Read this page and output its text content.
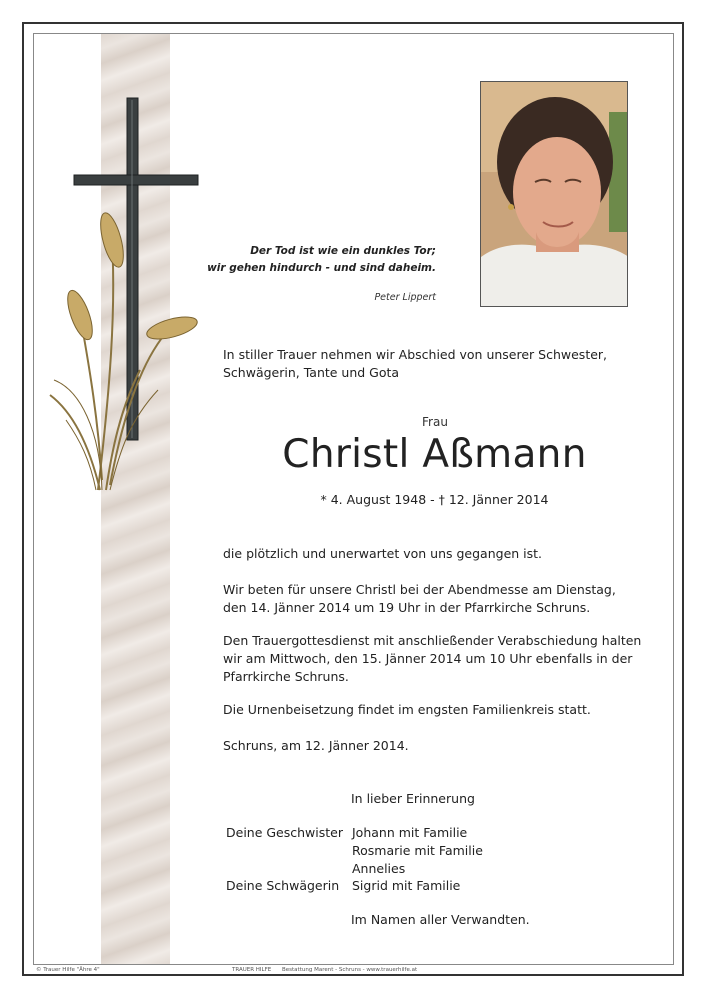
Der Tod ist wie ein dunkles Tor;
wir gehen hindurch - und sind daheim.
Peter Lippert
In stiller Trauer nehmen wir Abschied von unserer Schwester,
Schwägerin, Tante und Gota
Frau
Christl Aßmann
* 4. August 1948 - † 12. Jänner 2014
die plötzlich und unerwartet von uns gegangen ist.
Wir beten für unsere Christl bei der Abendmesse am Dienstag,
den 14. Jänner 2014 um 19 Uhr in der Pfarrkirche Schruns.
Den Trauergottesdienst mit anschließender Verabschiedung halten
wir am Mittwoch, den 15. Jänner 2014 um 10 Uhr ebenfalls in der
Pfarrkirche Schruns.
Die Urnenbeisetzung findet im engsten Familienkreis statt.
Schruns, am 12. Jänner 2014.
In lieber Erinnerung
Deine Geschwister Johann mit Familie
Rosmarie mit Familie
Annelies
Deine Schwägerin Sigrid mit Familie
Im Namen aller Verwandten.
© Trauer Hilfe "Ähre 4"	TRAUER HILFE Bestattung Marent - Schruns - www.trauerhilfe.at
